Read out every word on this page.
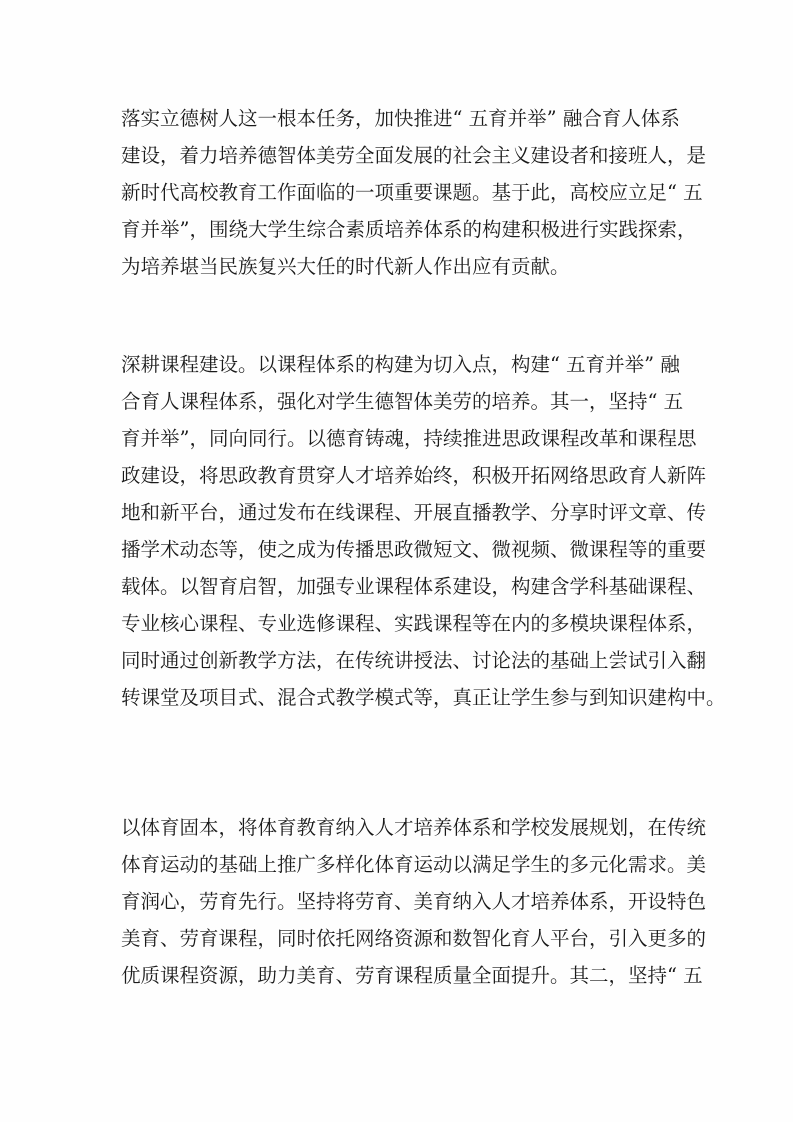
落实立德树人这一根本任务，加快推进“ 五育并举” 融合育人体系
建设，着力培养德智体美劳全面发展的社会主义建设者和接班人，是
新时代高校教育工作面临的一项重要课题。基于此，高校应立足“ 五
育并举”，围绕大学生综合素质培养体系的构建积极进行实践探索，
为培养堪当民族复兴大任的时代新人作出应有贡献。
深耕课程建设。以课程体系的构建为切入点，构建“ 五育并举” 融
合育人课程体系，强化对学生德智体美劳的培养。其一，坚持“ 五
育并举”，同向同行。以德育铸魂，持续推进思政课程改革和课程思
政建设，将思政教育贯穿人才培养始终，积极开拓网络思政育人新阵
地和新平台，通过发布在线课程、开展直播教学、分享时评文章、传
播学术动态等，使之成为传播思政微短文、微视频、微课程等的重要
载体。以智育启智，加强专业课程体系建设，构建含学科基础课程、
专业核心课程、专业选修课程、实践课程等在内的多模块课程体系，
同时通过创新教学方法，在传统讲授法、讨论法的基础上尝试引入翻
转课堂及项目式、混合式教学模式等，真正让学生参与到知识建构中。
以体育固本，将体育教育纳入人才培养体系和学校发展规划，在传统
体育运动的基础上推广多样化体育运动以满足学生的多元化需求。美
育润心，劳育先行。坚持将劳育、美育纳入人才培养体系，开设特色
美育、劳育课程，同时依托网络资源和数智化育人平台，引入更多的
优质课程资源，助力美育、劳育课程质量全面提升。其二，坚持“ 五
